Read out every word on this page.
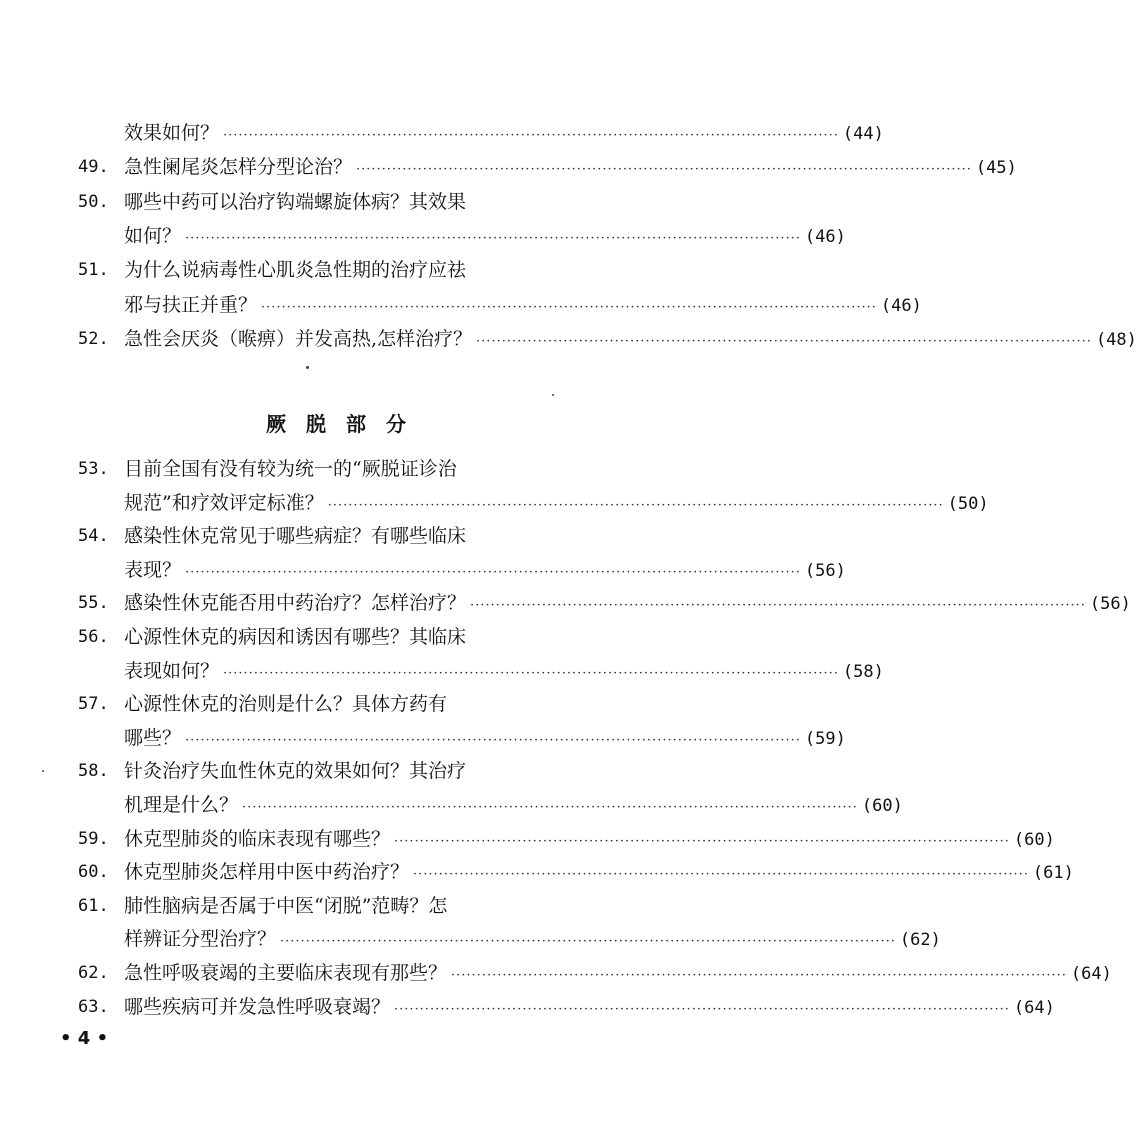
效果如何？ ························································································································ (44)
49. 急性阑尾炎怎样分型论治？ ························································································································ (45)
50. 哪些中药可以治疗钩端螺旋体病？其效果
如何？ ························································································································ (46)
51. 为什么说病毒性心肌炎急性期的治疗应祛
邪与扶正并重？ ························································································································ (46)
52. 急性会厌炎（喉痹）并发高热,怎样治疗？ ························································································································ (48)
厥脱部分
53. 目前全国有没有较为统一的“厥脱证诊治
规范”和疗效评定标准？ ························································································································ (50)
54. 感染性休克常见于哪些病症？有哪些临床
表现？ ························································································································ (56)
55. 感染性休克能否用中药治疗？怎样治疗？ ························································································································ (56)
56. 心源性休克的病因和诱因有哪些？其临床
表现如何？ ························································································································ (58)
57. 心源性休克的治则是什么？具体方药有
哪些？ ························································································································ (59)
58. 针灸治疗失血性休克的效果如何？其治疗
机理是什么？ ························································································································ (60)
59. 休克型肺炎的临床表现有哪些？ ························································································································ (60)
60. 休克型肺炎怎样用中医中药治疗？ ························································································································ (61)
61. 肺性脑病是否属于中医“闭脱”范畴？怎
样辨证分型治疗？ ························································································································ (62)
62. 急性呼吸衰竭的主要临床表现有那些？ ························································································································ (64)
63. 哪些疾病可并发急性呼吸衰竭？ ························································································································ (64)
• 4 •
